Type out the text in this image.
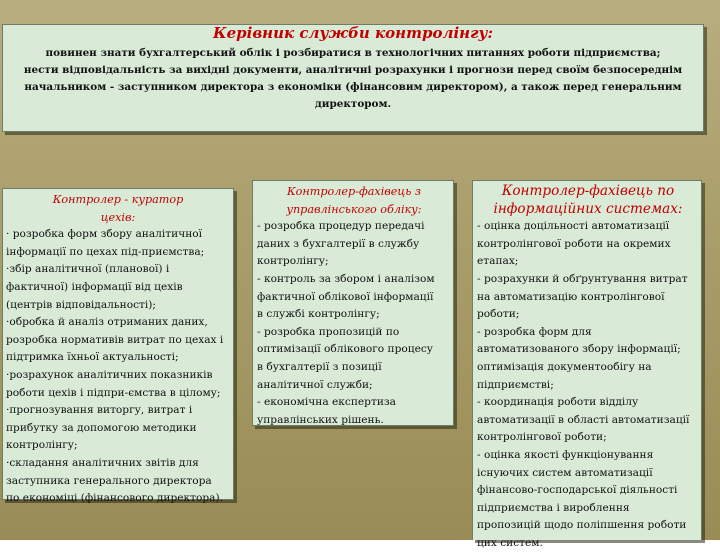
Керівник служби контролінгу:
повинен знати бухгалтерський облік і розбиратися в технологічних питаннях роботи підприємства;
нести відповідальність за вихідні документи, аналітичні розрахунки і прогнози перед своїм безпосереднім
начальником - заступником директора з економіки (фінансовим директором), а також перед генеральним
директором.
Контролер - куратор
цехів:
· розробка форм збору аналітичної
інформації по цехах під-приємства;
·збір аналітичної (планової) і
фактичної) інформації від цехів
(центрів відповідальності);
·обробка й аналіз отриманих даних,
розробка нормативів витрат по цехах і
підтримка їхньої актуальності;
·розрахунок аналітичних показників
роботи цехів і підпри-ємства в цілому;
·прогнозування виторгу, витрат і
прибутку за допомогою методики
контролінгу;
·складання аналітичних звітів для
заступника генерального директора
по економіці (фінансового директора).
Контролер-фахівець з
управлінського обліку:
- розробка процедур передачі
даних з бухгалтерії в службу
контролінгу;
- контроль за збором і аналізом
фактичної облікової інформації
в службі контролінгу;
- розробка пропозицій по
оптимізації облікового процесу
в бухгалтерії з позиції
аналітичної служби;
- економічна експертиза
управлінських рішень.
Контролер-фахівець по
інформаційних системах:
- оцінка доцільності автоматизації
контролінгової роботи на окремих
етапах;
- розрахунки й обґрунтування витрат
на автоматизацію контролінгової
роботи;
- розробка форм для
автоматизованого збору інформації;
оптимізація документообігу на
підприємстві;
- координація роботи відділу
автоматизації в області автоматизації
контролінгової роботи;
- оцінка якості функціонування
існуючих систем автоматизації
фінансово-господарської діяльності
підприємства і вироблення
пропозицій щодо поліпшення роботи
цих систем.
